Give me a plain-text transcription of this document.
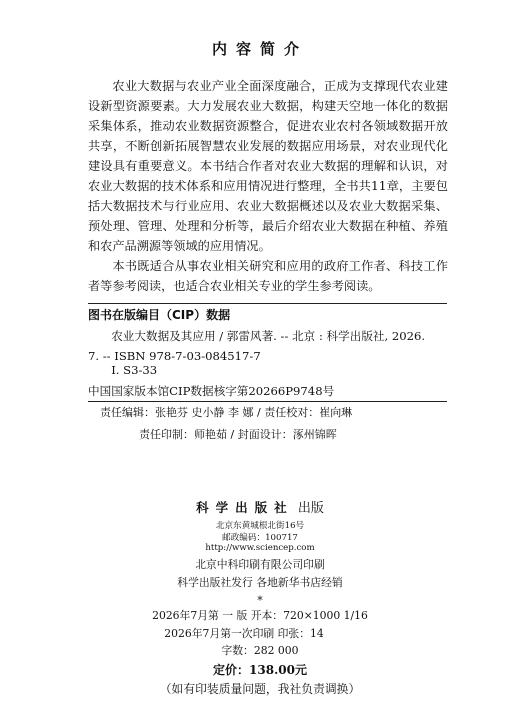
内容简介

农业大数据与农业产业全面深度融合，正成为支撑现代农业建设新型资源要素。大力发展农业大数据，构建天空地一体化的数据采集体系，推动农业数据资源整合，促进农业农村各领域数据开放共享，不断创新拓展智慧农业发展的数据应用场景，对农业现代化建设具有重要意义。本书结合作者对农业大数据的理解和认识，对农业大数据的技术体系和应用情况进行整理，全书共11章，主要包括大数据技术与行业应用、农业大数据概述以及农业大数据采集、预处理、管理、处理和分析等，最后介绍农业大数据在种植、养殖和农产品溯源等领域的应用情况。

本书既适合从事农业相关研究和应用的政府工作者、科技工作者等参考阅读，也适合农业相关专业的学生参考阅读。

图书在版编目（CIP）数据
农业大数据及其应用 / 郭雷风著. -- 北京 : 科学出版社, 2026.
7. -- ISBN 978-7-03-084517-7
Ⅰ. S3-33
中国国家版本馆CIP数据核字第20266P9748号
责任编辑：张艳芬 史小静 李 娜 / 责任校对：崔向琳
责任印制：师艳茹 / 封面设计：涿州锦晖
科学出版社 出版
北京东黄城根北街16号
邮政编码：100717
http://www.sciencep.com
北京中科印刷有限公司印刷
科学出版社发行 各地新华书店经销
*
2026年7月第 一 版 开本：720×1000 1/16
2026年7月第一次印刷 印张：14
字数：282 000
定价：138.00元
（如有印装质量问题，我社负责调换）
